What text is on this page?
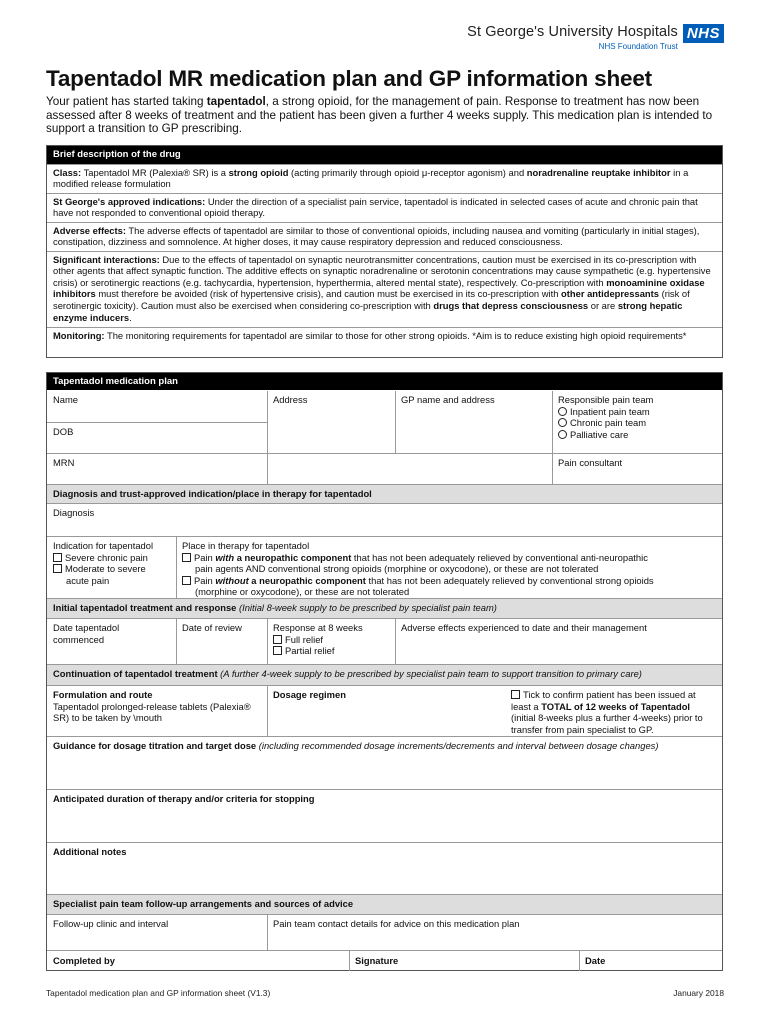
St George's University Hospitals
NHS Foundation Trust
NHS
Tapentadol MR medication plan and GP information sheet
Your patient has started taking tapentadol, a strong opioid, for the management of pain. Response to treatment has now been assessed after 8 weeks of treatment and the patient has been given a further 4 weeks supply. This medication plan is intended to support a transition to GP prescribing.
Brief description of the drug
Class: Tapentadol MR (Palexia® SR) is a strong opioid (acting primarily through opioid μ-receptor agonism) and noradrenaline reuptake inhibitor in a modified release formulation
St George's approved indications: Under the direction of a specialist pain service, tapentadol is indicated in selected cases of acute and chronic pain that have not responded to conventional opioid therapy.
Adverse effects: The adverse effects of tapentadol are similar to those of conventional opioids, including nausea and vomiting (particularly in initial stages), constipation, dizziness and somnolence. At higher doses, it may cause respiratory depression and reduced consciousness.
Significant interactions: Due to the effects of tapentadol on synaptic neurotransmitter concentrations, caution must be exercised in its co-prescription with other agents that affect synaptic function. The additive effects on synaptic noradrenaline or serotonin concentrations may cause sympathetic (e.g. hypertensive crisis) or serotinergic reactions (e.g. tachycardia, hypertension, hyperthermia, altered mental state), respectively. Co-prescription with monoaminine oxidase inhibitors must therefore be avoided (risk of hypertensive crisis), and caution must be exercised in its co-prescription with other antidepressants (risk of serotinergic toxicity). Caution must also be exercised when considering co-prescription with drugs that depress consciousness or are strong hepatic enzyme inducers.
Monitoring: The monitoring requirements for tapentadol are similar to those for other strong opioids. *Aim is to reduce existing high opioid requirements*
Tapentadol medication plan
Name	Address	GP name and address	Responsible pain team
Inpatient pain team
Chronic pain team
Palliative care
DOB
MRN	Pain consultant
Diagnosis and trust-approved indication/place in therapy for tapentadol
Diagnosis
Indication for tapentadol
Severe chronic pain
Moderate to severe
acute pain
Place in therapy for tapentadol
Pain with a neuropathic component that has not been adequately relieved by conventional anti-neuropathic
pain agents AND conventional strong opioids (morphine or oxycodone), or these are not tolerated
Pain without a neuropathic component that has not been adequately relieved by conventional strong opioids
(morphine or oxycodone), or these are not tolerated
Initial tapentadol treatment and response (Initial 8-week supply to be prescribed by specialist pain team)
Date tapentadol commenced
Date of review	Response at 8 weeks
Full relief
Partial relief
Adverse effects experienced to date and their management
Continuation of tapentadol treatment (A further 4-week supply to be prescribed by specialist pain team to support transition to primary care)
Formulation and route
Tapentadol prolonged-release tablets (Palexia® SR) to be taken by \mouth
Dosage regimen	Tick to confirm patient has been issued at least a TOTAL of 12 weeks of Tapentadol (initial 8-weeks plus a further 4-weeks) prior to transfer from pain specialist to GP.
Guidance for dosage titration and target dose (including recommended dosage increments/decrements and interval between dosage changes)
Anticipated duration of therapy and/or criteria for stopping
Additional notes
Specialist pain team follow-up arrangements and sources of advice
Follow-up clinic and interval	Pain team contact details for advice on this medication plan
Completed by	Signature	Date
Tapentadol medication plan and GP information sheet (V1.3)	January 2018
